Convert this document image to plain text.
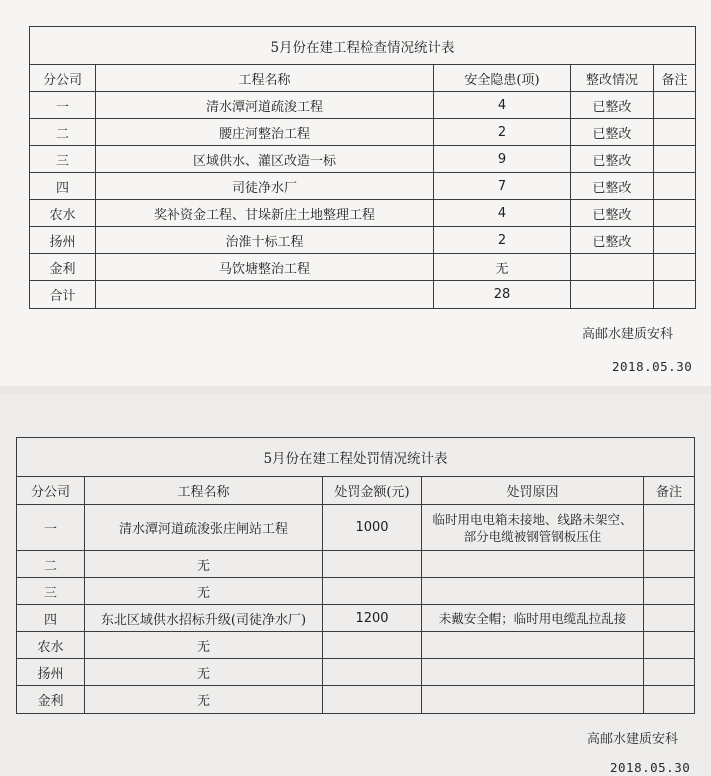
5月份在建工程检查情况统计表				
分公司	工程名称	安全隐患(项)	整改情况	备注
一	清水潭河道疏浚工程	4	已整改	
二	腰庄河整治工程	2	已整改	
三	区域供水、灌区改造一标	9	已整改	
四	司徒净水厂	7	已整改	
农水	奖补资金工程、甘垛新庄土地整理工程	4	已整改	
扬州	治淮十标工程	2	已整改	
金利	马饮塘整治工程	无		
合计		28		
高邮水建质安科
2018.05.30
5月份在建工程处罚情况统计表				
分公司	工程名称	处罚金额(元)	处罚原因	备注
一	清水潭河道疏浚张庄闸站工程	1000	临时用电电箱未接地、线路未架空、部分电缆被钢管钢板压住	
二	无			
三	无			
四	东北区域供水招标升级(司徒净水厂)	1200	未戴安全帽；临时用电缆乱拉乱接	
农水	无			
扬州	无			
金利	无			
高邮水建质安科
2018.05.30
